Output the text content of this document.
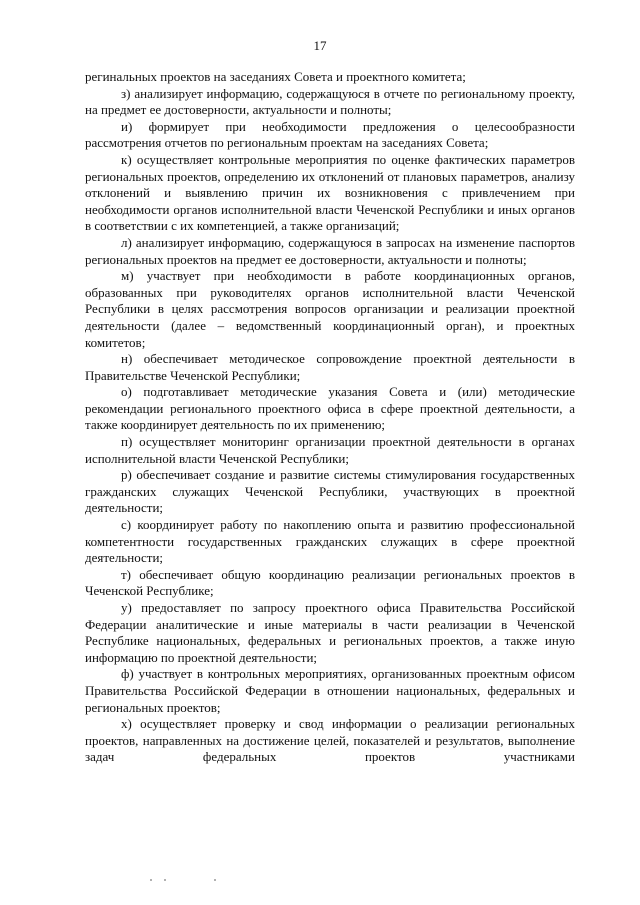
17

регинальных проектов на заседаниях Совета и проектного комитета;

з) анализирует информацию, содержащуюся в отчете по региональному проекту, на предмет ее достоверности, актуальности и полноты;

и) формирует при необходимости предложения о целесообразности рассмотрения отчетов по региональным проектам на заседаниях Совета;

к) осуществляет контрольные мероприятия по оценке фактических параметров региональных проектов, определению их отклонений от плановых параметров, анализу отклонений и выявлению причин их возникновения с привлечением при необходимости органов исполнительной власти Чеченской Республики и иных органов в соответствии с их компетенцией, а также организаций;

л) анализирует информацию, содержащуюся в запросах на изменение паспортов региональных проектов на предмет ее достоверности, актуальности и полноты;

м) участвует при необходимости в работе координационных органов, образованных при руководителях органов исполнительной власти Чеченской Республики в целях рассмотрения вопросов организации и реализации проектной деятельности (далее – ведомственный координационный орган), и проектных комитетов;

н) обеспечивает методическое сопровождение проектной деятельности в Правительстве Чеченской Республики;

о) подготавливает методические указания Совета и (или) методические рекомендации регионального проектного офиса в сфере проектной деятельности, а также координирует деятельность по их применению;

п) осуществляет мониторинг организации проектной деятельности в органах исполнительной власти Чеченской Республики;

р) обеспечивает создание и развитие системы стимулирования государственных гражданских служащих Чеченской Республики, участвующих в проектной деятельности;

с) координирует работу по накоплению опыта и развитию профессиональной компетентности государственных гражданских служащих в сфере проектной деятельности;

т) обеспечивает общую координацию реализации региональных проектов в Чеченской Республике;

у) предоставляет по запросу проектного офиса Правительства Российской Федерации аналитические и иные материалы в части реализации в Чеченской Республике национальных, федеральных и региональных проектов, а также иную информацию по проектной деятельности;

ф) участвует в контрольных мероприятиях, организованных проектным офисом Правительства Российской Федерации в отношении национальных, федеральных и региональных проектов;

х) осуществляет проверку и свод информации о реализации региональных проектов, направленных на достижение целей, показателей и результатов, выполнение задач федеральных проектов участниками
